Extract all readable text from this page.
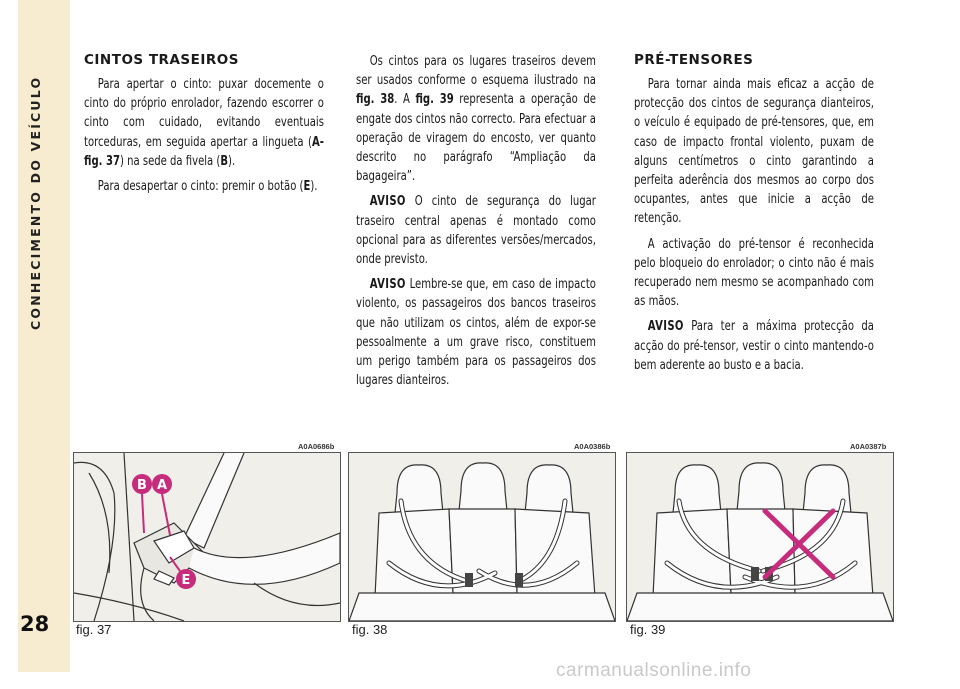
CONHECIMENTO DO VEÍCULO
28
CINTOS TRASEIROS

Para apertar o cinto: puxar docemente o cinto do próprio enrolador, fazendo escorrer o cinto com cuidado, evitando eventuais torceduras, em seguida apertar a lingueta (A-fig. 37) na sede da fivela (B).

Para desapertar o cinto: premir o botão (E).

Os cintos para os lugares traseiros devem ser usados conforme o esquema ilustrado na fig. 38. A fig. 39 representa a operação de engate dos cintos não correcto. Para efectuar a operação de viragem do encosto, ver quanto descrito no parágrafo “Ampliação da bagageira”.

AVISO O cinto de segurança do lugar traseiro central apenas é montado como opcional para as diferentes versões/mercados, onde previsto.

AVISO Lembre-se que, em caso de impacto violento, os passageiros dos bancos traseiros que não utilizam os cintos, além de expor-se pessoalmente a um grave risco, constituem um perigo também para os passageiros dos lugares dianteiros.

PRÉ-TENSORES

Para tornar ainda mais eficaz a acção de protecção dos cintos de segurança dianteiros, o veículo é equipado de pré-tensores, que, em caso de impacto frontal violento, puxam de alguns centímetros o cinto garantindo a perfeita aderência dos mesmos ao corpo dos ocupantes, antes que inicie a acção de retenção.

A activação do pré-tensor é reconhecida pelo bloqueio do enrolador; o cinto não é mais recuperado nem mesmo se acompanhado com as mãos.

AVISO Para ter a máxima protecção da acção do pré-tensor, vestir o cinto mantendo-o bem aderente ao busto e a bacia.

A0A0686b	A0A0386b	A0A0387b
B A
E
fig. 37	fig. 38	fig. 39
carmanualsonline.info
